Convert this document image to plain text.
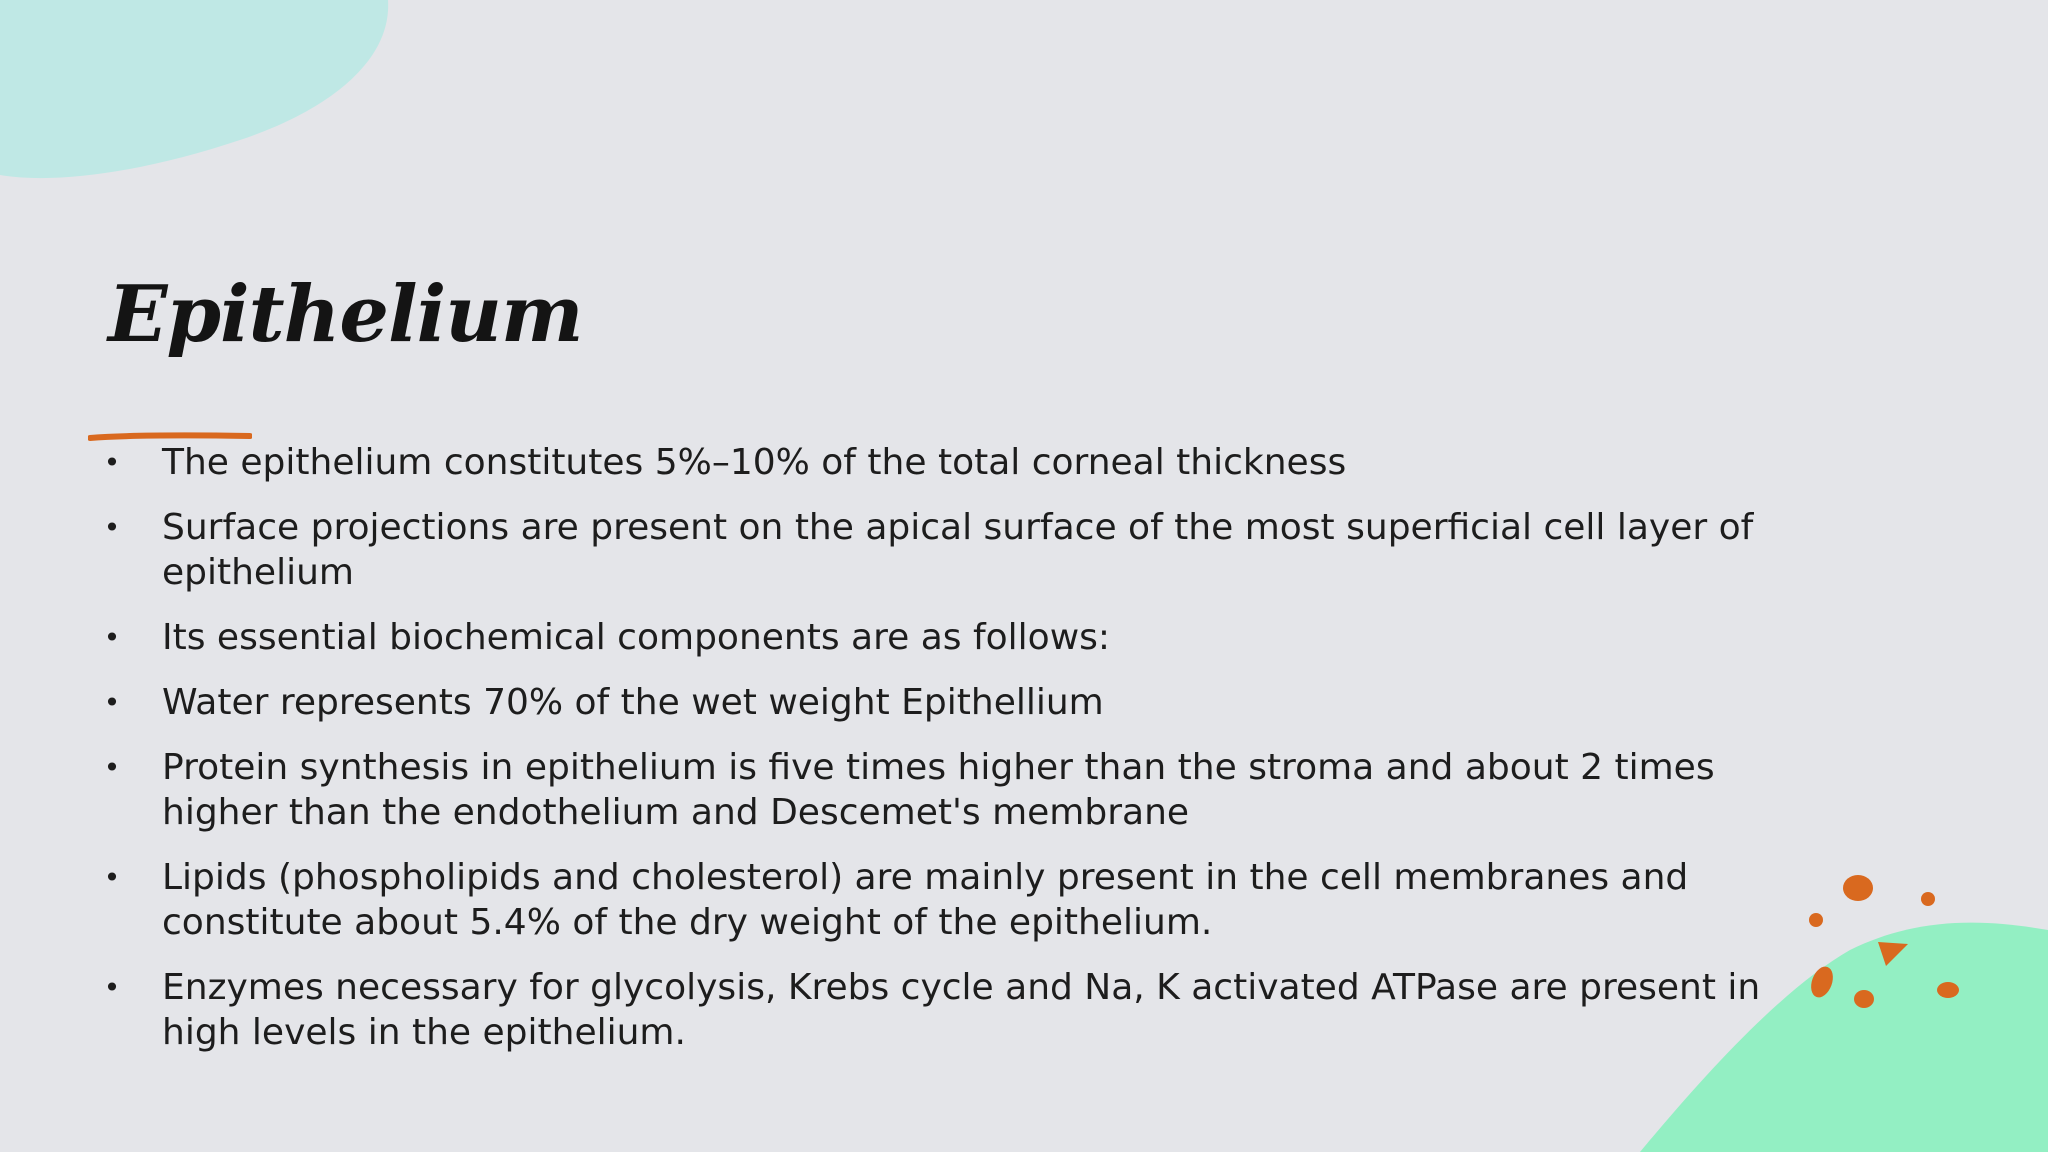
Epithelium
• The epithelium constitutes 5%–10% of the total corneal thickness
• Surface projections are present on the apical surface of the most superficial cell layer of epithelium
• Its essential biochemical components are as follows:
• Water represents 70% of the wet weight Epithellium
• Protein synthesis in epithelium is five times higher than the stroma and about 2 times higher than the endothelium and Descemet's membrane
• Lipids (phospholipids and cholesterol) are mainly present in the cell membranes and constitute about 5.4% of the dry weight of the epithelium.
• Enzymes necessary for glycolysis, Krebs cycle and Na, K activated ATPase are present in high levels in the epithelium.
